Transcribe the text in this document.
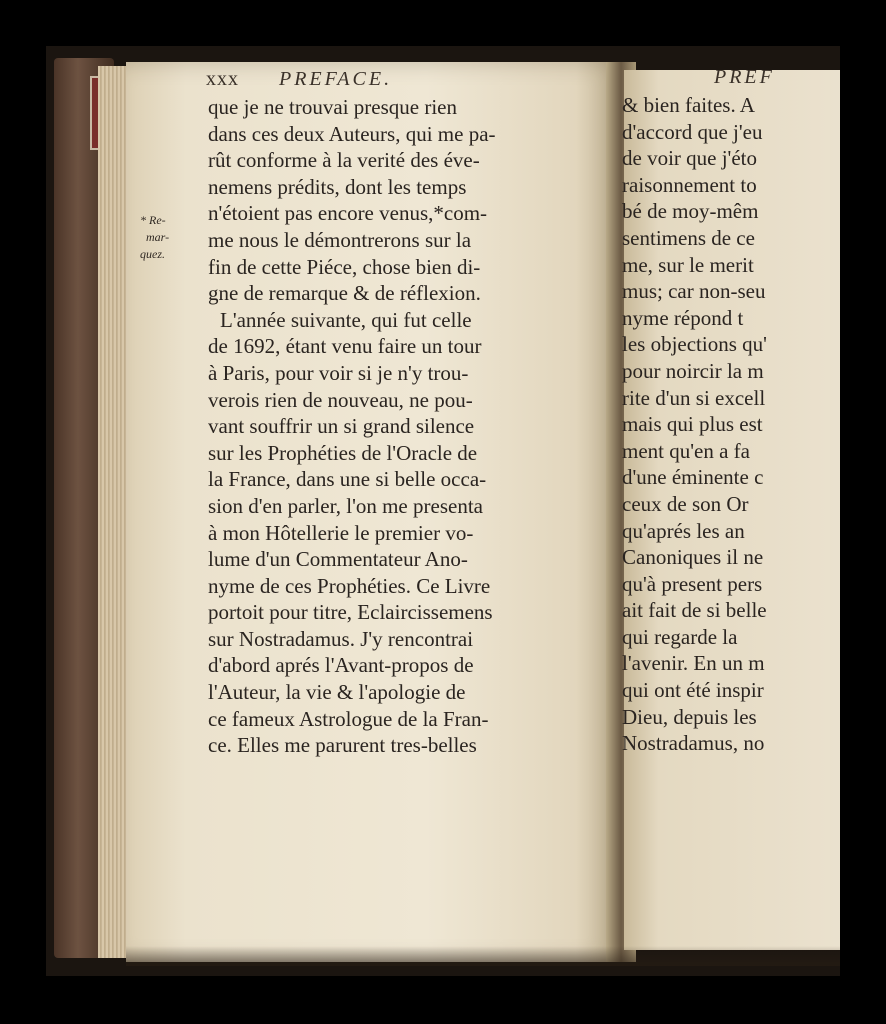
xxx PREFACE.
* Re-
mar-
quez.
que je ne trouvai presque rien
dans ces deux Auteurs, qui me pa-
rût conforme à la verité des éve-
nemens prédits, dont les temps
n'étoient pas encore venus,*com-
me nous le démontrerons sur la
fin de cette Piéce, chose bien di-
gne de remarque & de réflexion.
L'année suivante, qui fut celle
de 1692, étant venu faire un tour
à Paris, pour voir si je n'y trou-
verois rien de nouveau, ne pou-
vant souffrir un si grand silence
sur les Prophéties de l'Oracle de
la France, dans une si belle occa-
sion d'en parler, l'on me presenta
à mon Hôtellerie le premier vo-
lume d'un Commentateur Ano-
nyme de ces Prophéties. Ce Livre
portoit pour titre, Eclaircissemens
sur Nostradamus. J'y rencontrai
d'abord aprés l'Avant-propos de
l'Auteur, la vie & l'apologie de
ce fameux Astrologue de la Fran-
ce. Elles me parurent tres-belles
PREF
& bien faites. A
d'accord que j'eu
de voir que j'éto
raisonnement to
bé de moy-mêm
sentimens de ce
me, sur le merit
mus; car non-seu
nyme répond t
les objections qu'
pour noircir la m
rite d'un si excell
mais qui plus est
ment qu'en a fa
d'une éminente c
ceux de son Or
qu'aprés les an
Canoniques il ne
qu'à present pers
ait fait de si belle
qui regarde la
l'avenir. En un m
qui ont été inspir
Dieu, depuis les
Nostradamus, no
